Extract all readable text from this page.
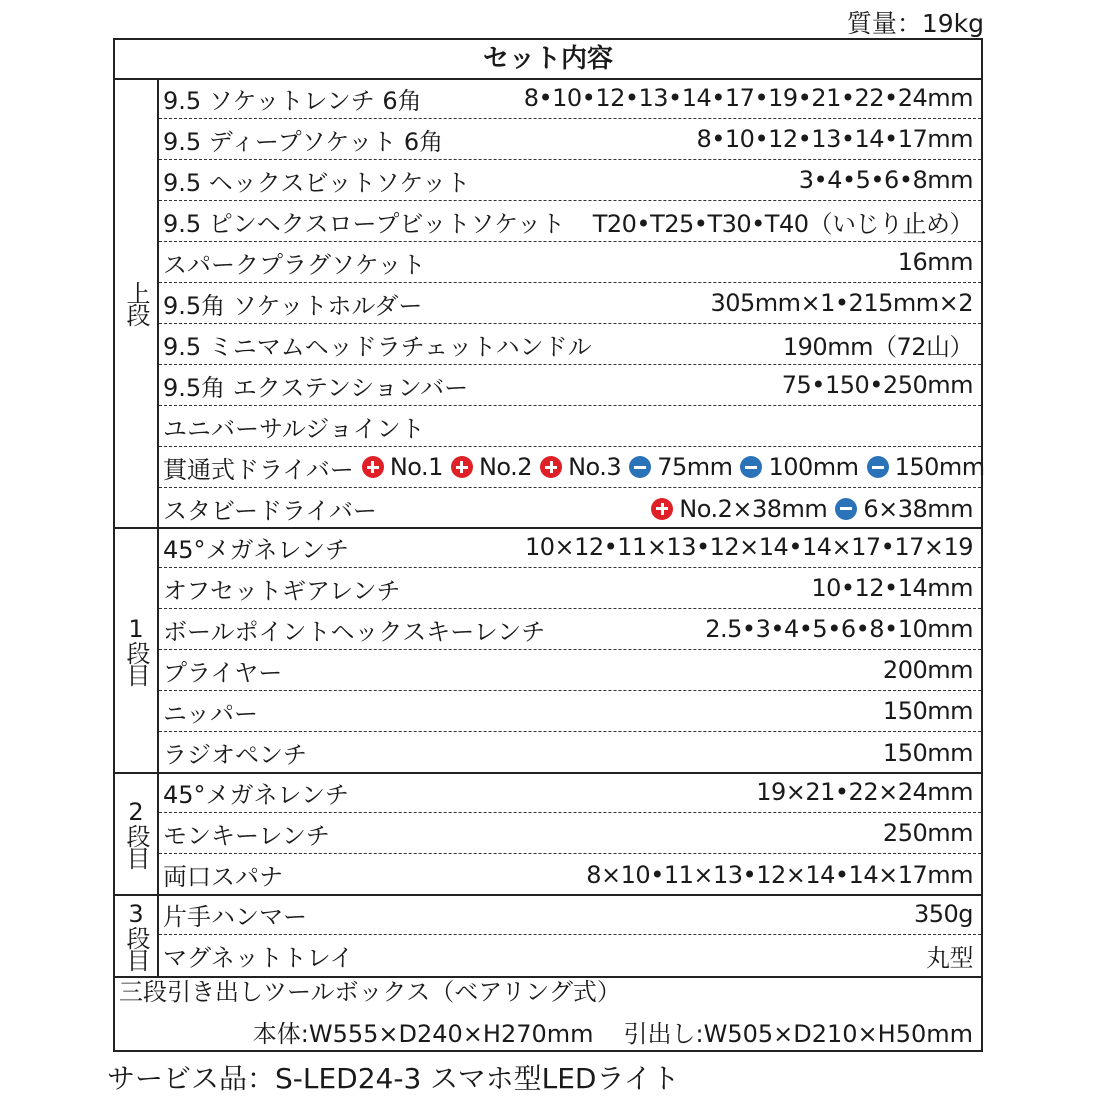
質量：19kg
セット内容
上段
9.5 ソケットレンチ 6角	8•10•12•13•14•17•19•21•22•24mm
9.5 ディープソケット 6角	8•10•12•13•14•17mm
9.5 ヘックスビットソケット	3•4•5•6•8mm
9.5 ピンヘクスロープビットソケット T20•T25•T30•T40（いじり止め）
スパークプラグソケット	16mm
9.5角 ソケットホルダー	305mm×1•215mm×2
9.5 ミニマムヘッドラチェットハンドル	190mm（72山）
9.5角 エクステンションバー	75•150•250mm
ユニバーサルジョイント
貫通式ドライバー No.1 No.2 No.3 75mm 100mm 150mm
スタビードライバー	No.2×38mm 6×38mm
1段目
45°メガネレンチ	10×12•11×13•12×14•14×17•17×19
オフセットギアレンチ	10•12•14mm
ボールポイントヘックスキーレンチ	2.5•3•4•5•6•8•10mm
プライヤー	200mm
ニッパー	150mm
ラジオペンチ	150mm
2段目
45°メガネレンチ	19×21•22×24mm
モンキーレンチ	250mm
両口スパナ	8×10•11×13•12×14•14×17mm
3段目 片手ハンマー	350g
マグネットトレイ	丸型
三段引き出しツールボックス（ベアリング式）
本体:W555×D240×H270mm 引出し:W505×D210×H50mm
サービス品：S-LED24-3 スマホ型LEDライト
